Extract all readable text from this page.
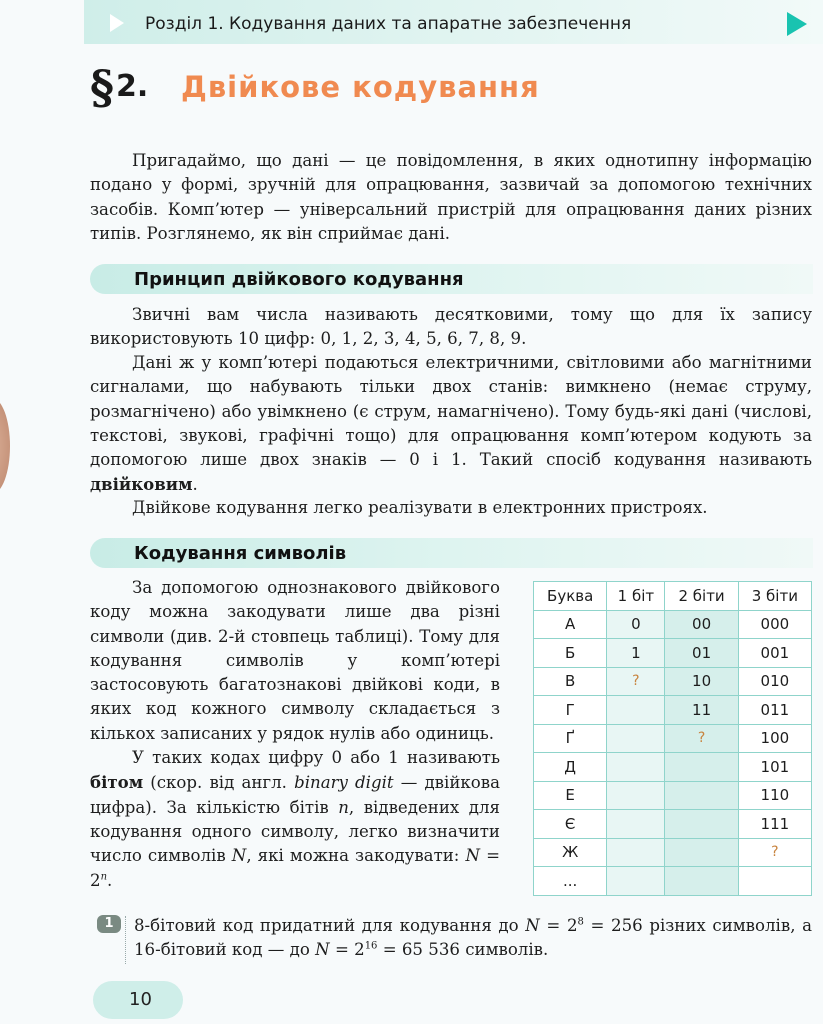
Розділ 1. Кодування даних та апаратне забезпечення
§ 2. Двійкове кодування

Пригадаймо, що дані — це повідомлення, в яких однотипну інформацію подано у формі, зручній для опрацювання, зазвичай за допомогою технічних засобів. Комп’ютер — універсальний пристрій для опрацювання даних різних типів. Розглянемо, як він сприймає дані.

Принцип двійкового кодування

Звичні вам числа називають десятковими, тому що для їх запису використовують 10 цифр: 0, 1, 2, 3, 4, 5, 6, 7, 8, 9.

Дані ж у комп’ютері подаються електричними, світловими або магнітними сигналами, що набувають тільки двох станів: вимкнено (немає струму, розмагнічено) або увімкнено (є струм, намагнічено). Тому будь-які дані (числові, текстові, звукові, графічні тощо) для опрацювання комп’ютером кодують за допомогою лише двох знаків — 0 і 1. Такий спосіб кодування називають двійковим.

Двійкове кодування легко реалізувати в електронних пристроях.

Кодування символів
За допомогою однознакового двійкового коду можна закодувати лише два різні символи (див. 2-й стовпець таблиці). Тому для кодування символів у комп’ютері застосовують багатознакові двійкові коди, в яких код кожного символу складається з кількох записаних у рядок нулів або одиниць.
У таких кодах цифру 0 або 1 називають бітом (скор. від англ. binary digit — двійкова цифра). За кількістю бітів n, відведених для кодування одного символу, легко визначити число символів N, які можна закодувати: $N = 2^n$.
Буква	1 біт	2 біти	3 біти
А	0	00	000
Б	1	01	001
В	?	10	010
Г		11	011
Ґ		?	100
Д			101
Е			110
Є			111
Ж			?
...			
1	8-бітовий код придатний для кодування до $N = 2^8 = 256$ різних символів, а 16-бітовий код — до $N = 2^{16} = 65$ 536 символів.

10
